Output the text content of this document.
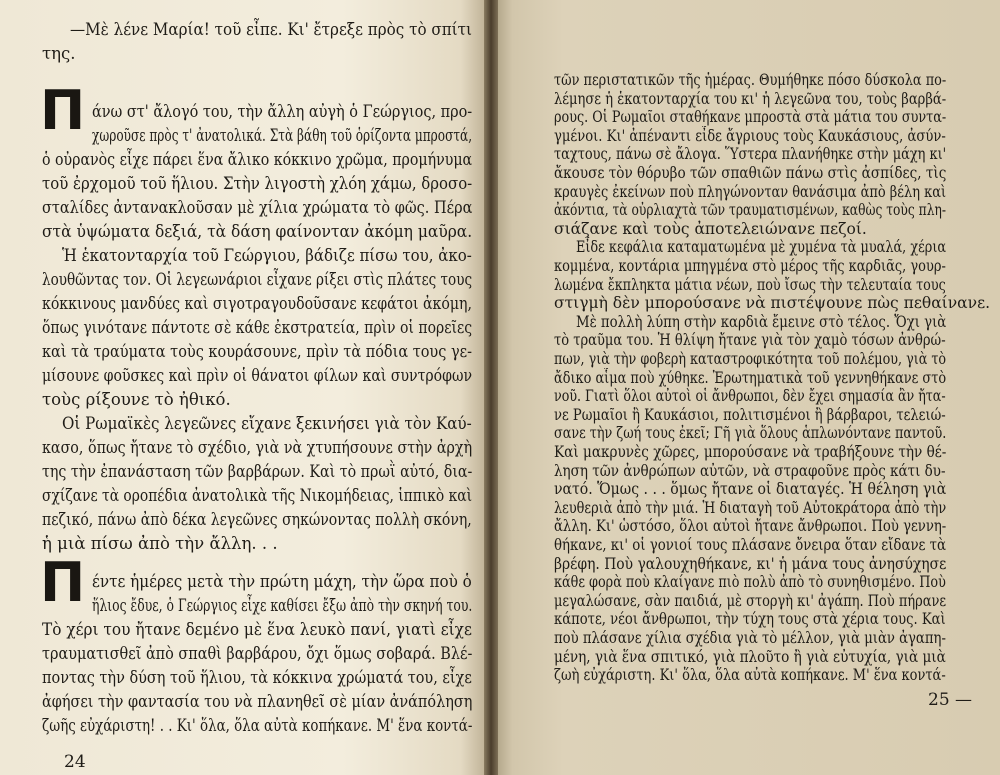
—Μὲ λένε Μαρία! τοῦ εἶπε. Κι' ἔτρεξε πρὸς τὸ σπίτι
της.
Π άνω στ' ἄλογό του, τὴν ἄλλη αὐγὴ ὁ Γεώργιος, προ-
χωροῦσε πρὸς τ' ἀνατολικά. Στὰ βάθη τοῦ ὁρίζοντα μπροστά,
ὁ οὐρανὸς εἶχε πάρει ἕνα ἄλικο κόκκινο χρῶμα, προμήνυμα
τοῦ ἐρχομοῦ τοῦ ἥλιου. Στὴν λιγοστὴ χλόη χάμω, δροσο-
σταλίδες ἀντανακλοῦσαν μὲ χίλια χρώματα τὸ φῶς. Πέρα
στὰ ὑψώματα δεξιά, τὰ δάση φαίνονταν ἀκόμη μαῦρα.
Ἡ ἑκατονταρχία τοῦ Γεώργιου, βάδιζε πίσω του, ἀκο-
λουθῶντας τον. Οἱ λεγεωνάριοι εἶχανε ρίξει στὶς πλάτες τους
κόκκινους μανδύες καὶ σιγοτραγουδοῦσανε κεφάτοι ἀκόμη,
ὅπως γινότανε πάντοτε σὲ κάθε ἐκστρατεία, πρὶν οἱ πορεῖες
καὶ τὰ τραύματα τοὺς κουράσουνε, πρὶν τὰ πόδια τους γε-
μίσουνε φοῦσκες καὶ πρὶν οἱ θάνατοι φίλων καὶ συντρόφων
τοὺς ρίξουνε τὸ ἠθικό.
Οἱ Ρωμαϊκὲς λεγεῶνες εἴχανε ξεκινήσει γιὰ τὸν Καύ-
κασο, ὅπως ἤτανε τὸ σχέδιο, γιὰ νὰ χτυπήσουνε στὴν ἀρχὴ
της τὴν ἐπανάσταση τῶν βαρβάρων. Καὶ τὸ πρωῒ αὐτό, δια-
σχίζανε τὰ οροπέδια ἀνατολικὰ τῆς Νικομήδειας, ἱππικὸ καὶ
πεζικό, πάνω ἀπὸ δέκα λεγεῶνες σηκώνοντας πολλὴ σκόνη,
ἡ μιὰ πίσω ἀπὸ τὴν ἄλλη. . .
Π έντε ἡμέρες μετὰ τὴν πρώτη μάχη, τὴν ὥρα ποὺ ὁ
ἥλιος ἔδυε, ὁ Γεώργιος εἶχε καθίσει ἔξω ἀπὸ τὴν σκηνή του.
Τὸ χέρι του ἤτανε δεμένο μὲ ἕνα λευκὸ πανί, γιατὶ εἶχε
τραυματισθεῖ ἀπὸ σπαθὶ βαρβάρου, ὄχι ὅμως σοβαρά. Βλέ-
ποντας τὴν δύση τοῦ ἥλιου, τὰ κόκκινα χρώματά του, εἶχε
ἀφήσει τὴν φαντασία του νὰ πλανηθεῖ σὲ μίαν ἀνάπόληση
ζωῆς εὐχάριστη! . . Κι' ὅλα, ὅλα αὐτὰ κοπήκανε. Μ' ἕνα κοντά-
24
τῶν περιστατικῶν τῆς ἡμέρας. Θυμήθηκε πόσο δύσκολα πο-
λέμησε ἡ ἑκατονταρχία του κι' ἡ λεγεῶνα του, τοὺς βαρβά-
ρους. Οἱ Ρωμαῖοι σταθήκανε μπροστὰ στὰ μάτια του συντα-
γμένοι. Κι' ἀπέναντι εἶδε ἄγριους τοὺς Καυκάσιους, ἀσύν-
ταχτους, πάνω σὲ ἄλογα. Ὕστερα πλανήθηκε στὴν μάχη κι'
ἄκουσε τὸν θόρυβο τῶν σπαθιῶν πάνω στὶς ἀσπίδες, τὶς
κραυγὲς ἐκείνων ποὺ πληγώνονταν θανάσιμα ἀπὸ βέλη καὶ
ἀκόντια, τὰ οὐρλιαχτὰ τῶν τραυματισμένων, καθὼς τοὺς πλη-
σιάζανε καὶ τοὺς ἀποτελειώνανε πεζοί.
Εἶδε κεφάλια καταματωμένα μὲ χυμένα τὰ μυαλά, χέρια
κομμένα, κοντάρια μπηγμένα στὸ μέρος τῆς καρδιᾶς, γουρ-
λωμένα ἔκπληκτα μάτια νέων, ποὺ ἴσως τὴν τελευταία τους
στιγμὴ δὲν μπορούσανε νὰ πιστέψουνε πὼς πεθαίνανε.
Μὲ πολλὴ λύπη στὴν καρδιὰ ἔμεινε στὸ τέλος. Ὄχι γιὰ
τὸ τραῦμα του. Ἡ θλίψη ἤτανε γιὰ τὸν χαμὸ τόσων ἀνθρώ-
πων, γιὰ τὴν φοβερὴ καταστροφικότητα τοῦ πολέμου, γιὰ τὸ
ἄδικο αἷμα ποὺ χύθηκε. Ἐρωτηματικὰ τοῦ γεννηθήκανε στὸ
νοῦ. Γιατὶ ὅλοι αὐτοὶ οἱ ἄνθρωποι, δὲν ἔχει σημασία ἂν ἤτα-
νε Ρωμαῖοι ἢ Καυκάσιοι, πολιτισμένοι ἢ βάρβαροι, τελειώ-
σανε τὴν ζωή τους ἐκεῖ; Γῆ γιὰ ὅλους ἁπλωνόντανε παντοῦ.
Καὶ μακρυνὲς χῶρες, μπορούσανε νὰ τραβήξουνε τὴν θέ-
ληση τῶν ἀνθρώπων αὐτῶν, νὰ στραφοῦνε πρὸς κάτι δυ-
νατό. Ὅμως . . . ὅμως ἤτανε οἱ διαταγές. Ἡ θέληση γιὰ
λευθεριὰ ἀπὸ τὴν μιά. Ἡ διαταγὴ τοῦ Αὐτοκράτορα ἀπὸ τὴν
ἄλλη. Κι' ὡστόσο, ὅλοι αὐτοὶ ἤτανε ἄνθρωποι. Ποὺ γεννη-
θήκανε, κι' οἱ γονιοί τους πλάσανε ὄνειρα ὅταν εἴδανε τὰ
βρέφη. Ποὺ γαλουχηθήκανε, κι' ἡ μάνα τους ἀνησύχησε
κάθε φορὰ ποὺ κλαίγανε πιὸ πολὺ ἀπὸ τὸ συνηθισμένο. Ποὺ
μεγαλώσανε, σὰν παιδιά, μὲ στοργὴ κι' ἀγάπη. Ποὺ πήρανε
κάποτε, νέοι ἄνθρωποι, τὴν τύχη τους στὰ χέρια τους. Καὶ
ποὺ πλάσανε χίλια σχέδια γιὰ τὸ μέλλον, γιὰ μιὰν ἀγαπη-
μένη, γιὰ ἕνα σπιτικό, γιὰ πλοῦτο ἢ γιὰ εὐτυχία, γιὰ μιὰ
ζωὴ εὐχάριστη. Κι' ὅλα, ὅλα αὐτὰ κοπήκανε. Μ' ἕνα κοντά-
25 —
